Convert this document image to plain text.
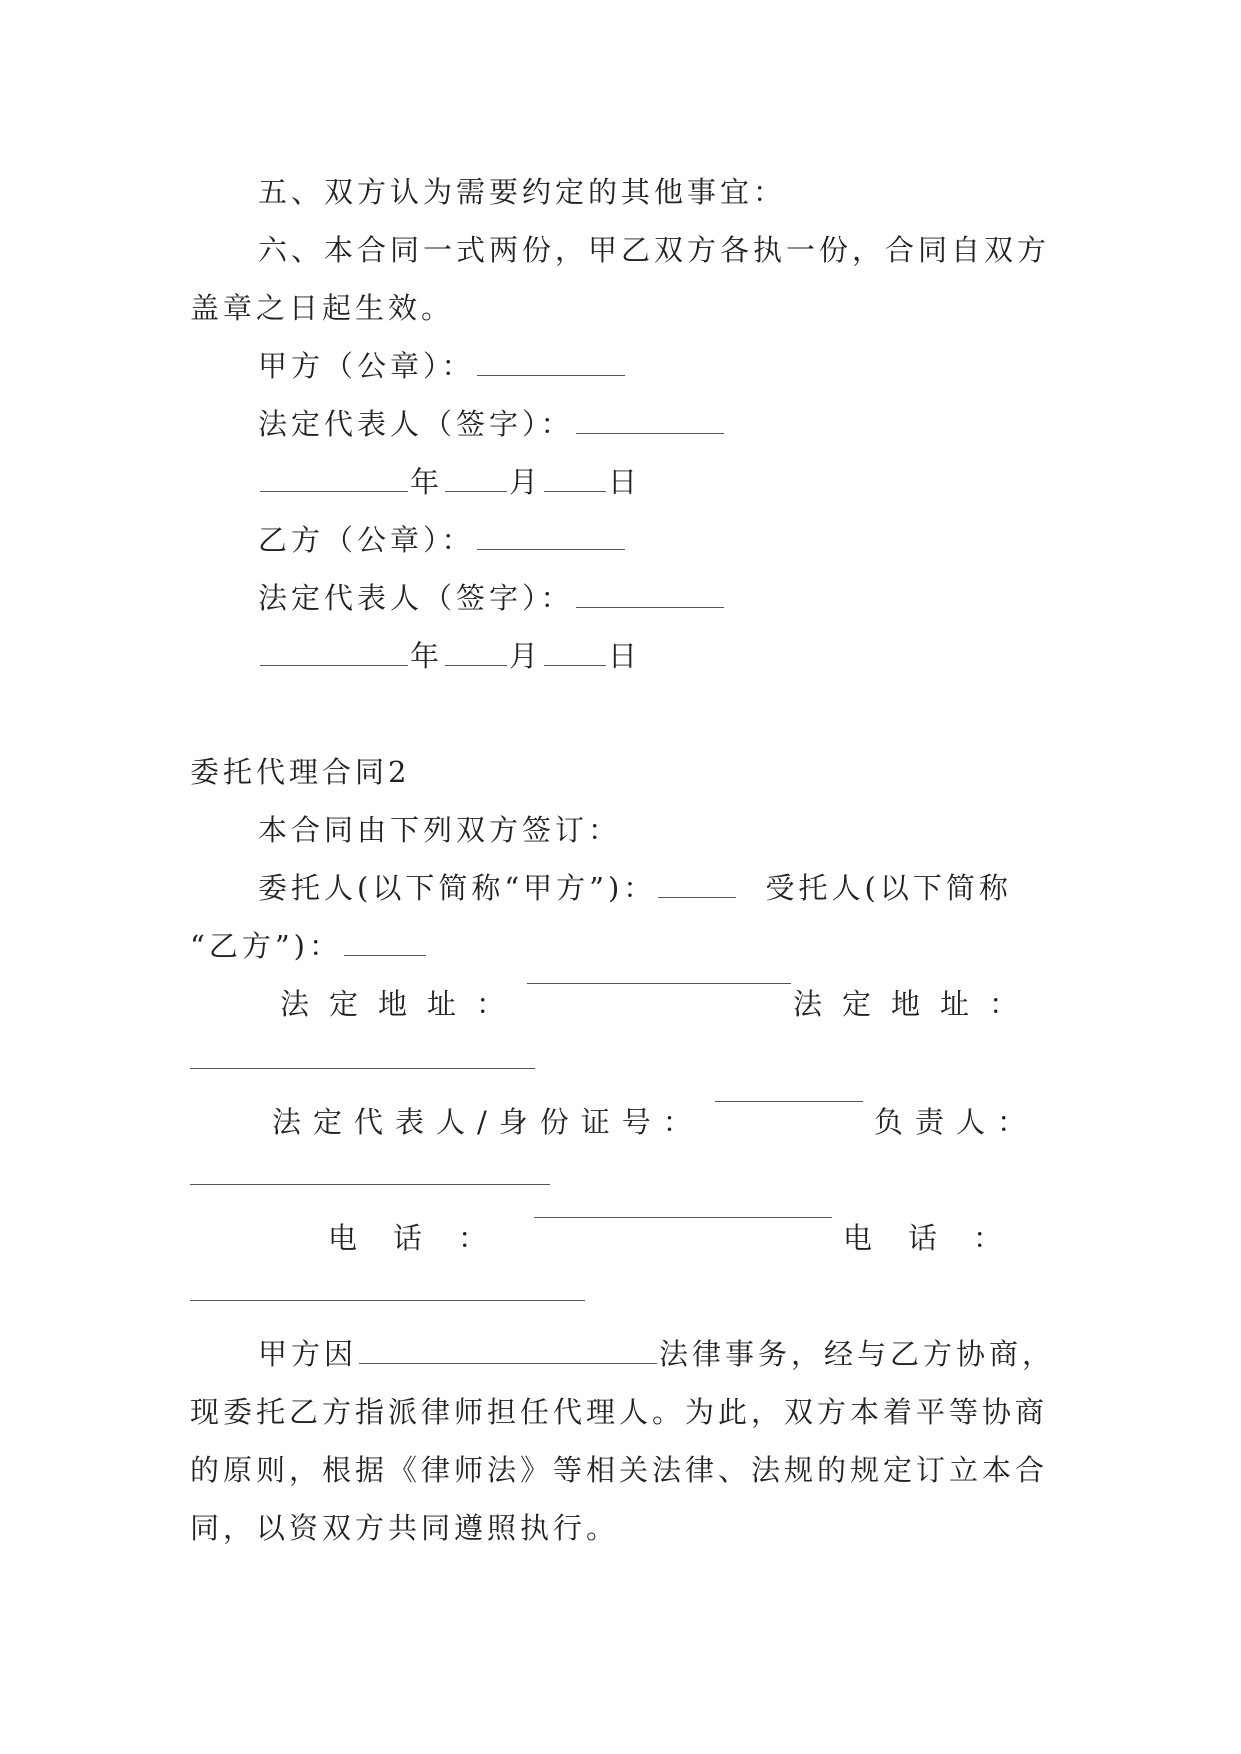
五、双方认为需要约定的其他事宜：
六、本合同一式两份，甲乙双方各执一份，合同自双方
盖章之日起生效。
甲方（公章）：
法定代表人（签字）：
年 月 日
乙方（公章）：
法定代表人（签字）：
年 月 日
委托代理合同2
本合同由下列双方签订：
委托人(以下简称“甲方”)：	受托人(以下简称
“乙方”)：
法定地址：	法定地址：
法定代表人/身份证号：	负责人：
电话：	电话：
甲方因	法律事务，经与乙方协商，
现委托乙方指派律师担任代理人。为此，双方本着平等协商
的原则，根据《律师法》等相关法律、法规的规定订立本合
同，以资双方共同遵照执行。
